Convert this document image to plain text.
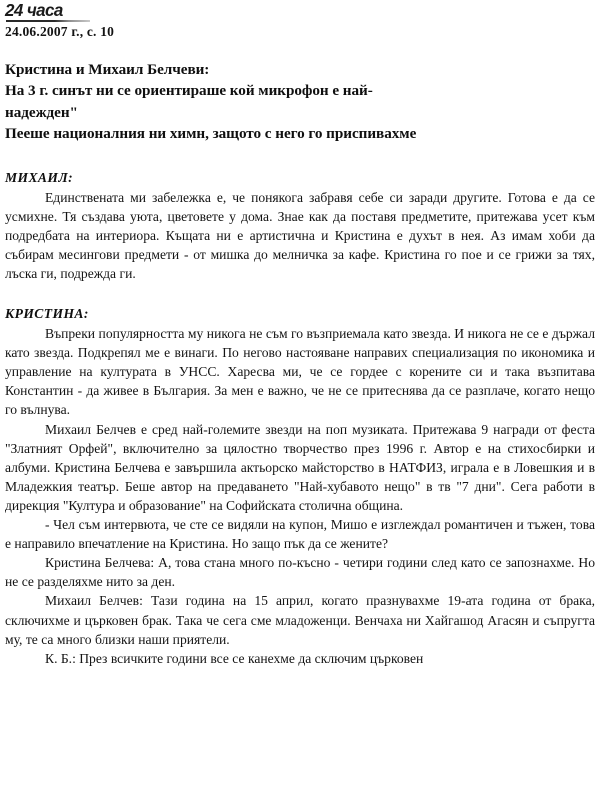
24 часа
24.06.2007 г., с. 10
Кристина и Михаил Белчеви:
На 3 г. синът ни се ориентираше кой микрофон е най-
надежден"
Пееше националния ни химн, защото с него го приспивахме
МИХАИЛ:

Единствената ми забележка е, че понякога забравя себе си заради другите. Готова е да се усмихне. Тя създава уюта, цветовете у дома. Знае как да поставя предметите, притежава усет към подредбата на интериора. Къщата ни е артистична и Кристина е духът в нея. Аз имам хоби да събирам месингови предмети - от мишка до мелничка за кафе. Кристина го пое и се грижи за тях, лъска ги, подрежда ги.

КРИСТИНА:

Въпреки популярността му никога не съм го възприемала като звезда. И никога не се е държал като звезда. Подкрепял ме е винаги. По негово настояване направих специализация по икономика и управление на културата в УНСС. Харесва ми, че се гордее с корените си и така възпитава Константин - да живее в България. За мен е важно, че не се притеснява да се разплаче, когато нещо го вълнува.

Михаил Белчев е сред най-големите звезди на поп музиката. Притежава 9 награди от феста "Златният Орфей", включително за цялостно творчество през 1996 г. Автор е на стихосбирки и албуми. Кристина Белчева е завършила актьорско майсторство в НАТФИЗ, играла е в Ловешкия и в Младежкия театър. Беше автор на предаването "Най-хубавото нещо" в тв "7 дни". Сега работи в дирекция "Култура и образование" на Софийската столична община.

- Чел съм интервюта, че сте се видяли на купон, Мишо е изглеждал романтичен и тъжен, това е направило впечатление на Кристина. Но защо пък да се жените?

Кристина Белчева: А, това стана много по-късно - четири години след като се запознахме. Но не се разделяхме нито за ден.

Михаил Белчев: Тази година на 15 април, когато празнувахме 19-ата година от брака, сключихме и църковен брак. Така че сега сме младоженци. Венчаха ни Хайгашод Агасян и съпругта му, те са много близки наши приятели.

К. Б.: През всичките години все се канехме да сключим църковен
